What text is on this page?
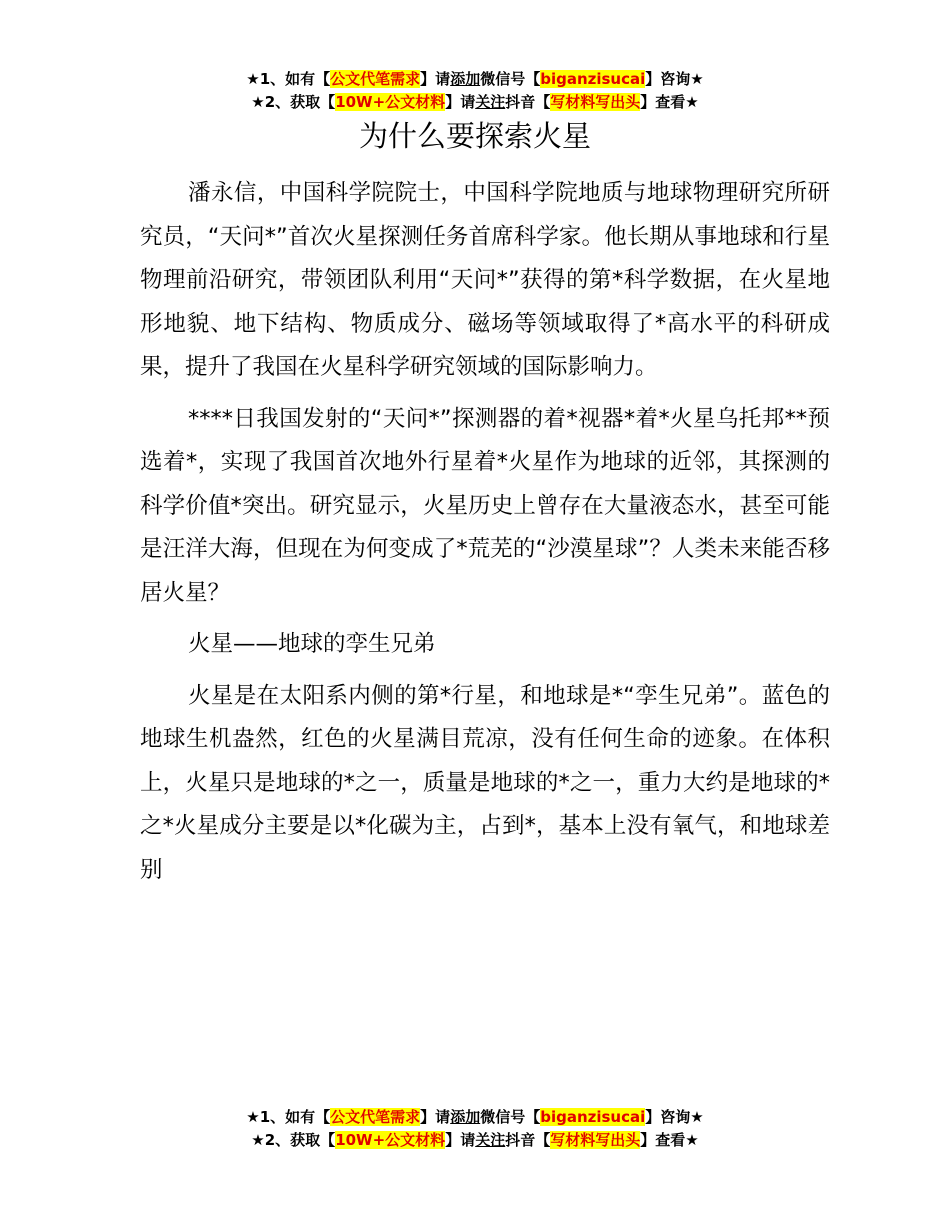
★1、如有【公文代笔需求】请添加微信号【biganzisucai】咨询★
★2、获取【10W+公文材料】请关注抖音【写材料写出头】查看★
为什么要探索火星

潘永信，中国科学院院士，中国科学院地质与地球物理研究所研究员，“天问*”首次火星探测任务首席科学家。他长期从事地球和行星物理前沿研究，带领团队利用“天问*”获得的第*科学数据，在火星地形地貌、地下结构、物质成分、磁场等领域取得了*高水平的科研成果，提升了我国在火星科学研究领域的国际影响力。

****日我国发射的“天问*”探测器的着*视器*着*火星乌托邦**预选着*，实现了我国首次地外行星着*火星作为地球的近邻，其探测的科学价值*突出。研究显示，火星历史上曾存在大量液态水，甚至可能是汪洋大海，但现在为何变成了*荒芜的“沙漠星球”？人类未来能否移居火星？

火星——地球的孪生兄弟

火星是在太阳系内侧的第*行星，和地球是*“孪生兄弟”。蓝色的地球生机盎然，红色的火星满目荒凉，没有任何生命的迹象。在体积上，火星只是地球的*之一，质量是地球的*之一，重力大约是地球的*之*火星成分主要是以*化碳为主，占到*，基本上没有氧气，和地球差别

★1、如有【公文代笔需求】请添加微信号【biganzisucai】咨询★
★2、获取【10W+公文材料】请关注抖音【写材料写出头】查看★
